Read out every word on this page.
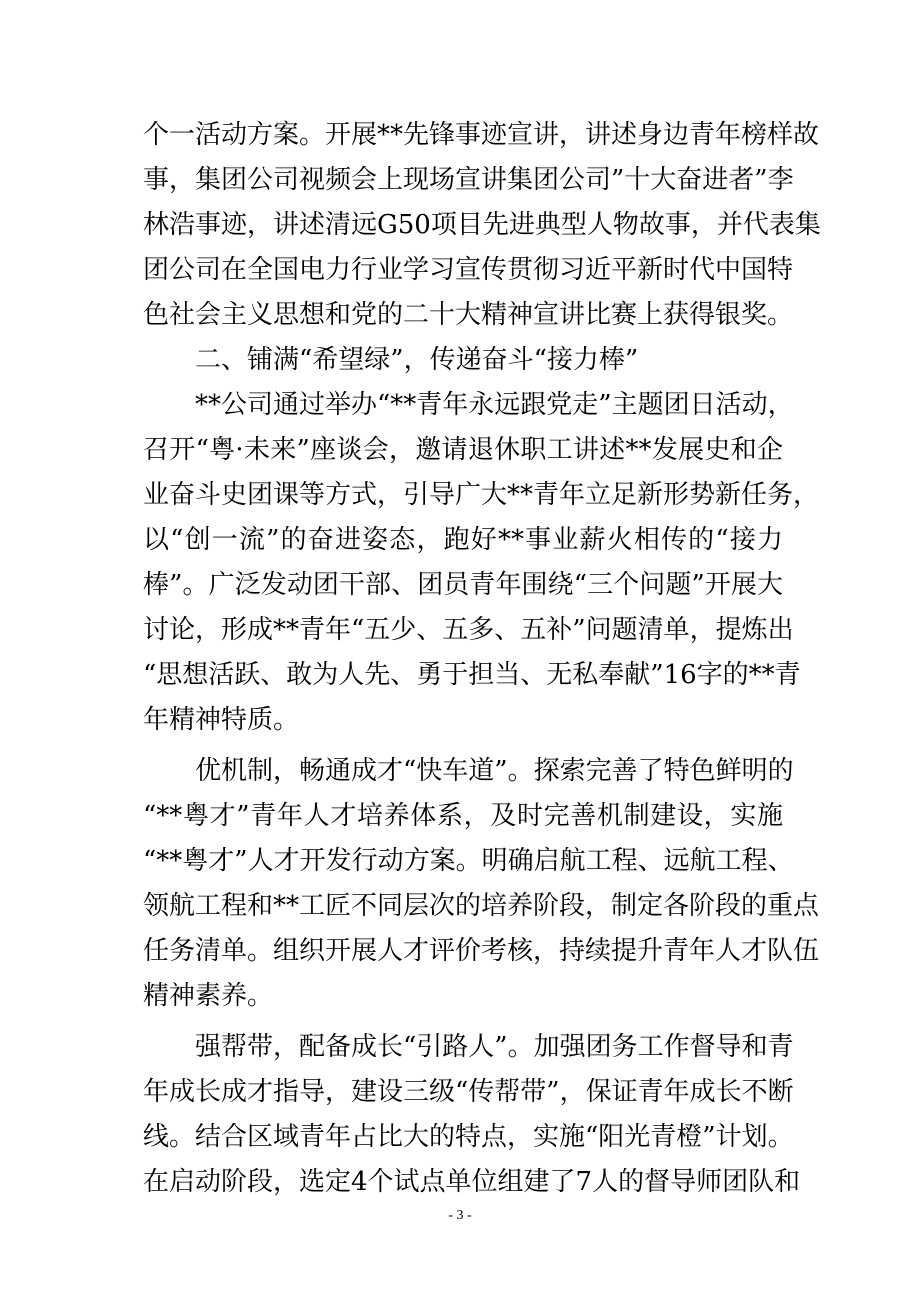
个一活动方案。开展**先锋事迹宣讲，讲述身边青年榜样故
事，集团公司视频会上现场宣讲集团公司”十大奋进者”李
林浩事迹，讲述清远G50项目先进典型人物故事，并代表集
团公司在全国电力行业学习宣传贯彻习近平新时代中国特
色社会主义思想和党的二十大精神宣讲比赛上获得银奖。
二、铺满“希望绿”，传递奋斗“接力棒”
**公司通过举办“**青年永远跟党走”主题团日活动，
召开“粤·未来”座谈会，邀请退休职工讲述**发展史和企
业奋斗史团课等方式，引导广大**青年立足新形势新任务，
以“创一流”的奋进姿态，跑好**事业薪火相传的“接力
棒”。广泛发动团干部、团员青年围绕“三个问题”开展大
讨论，形成**青年“五少、五多、五补”问题清单，提炼出
“思想活跃、敢为人先、勇于担当、无私奉献”16字的**青
年精神特质。
优机制，畅通成才“快车道”。探索完善了特色鲜明的
“**粤才”青年人才培养体系，及时完善机制建设，实施
“**粤才”人才开发行动方案。明确启航工程、远航工程、
领航工程和**工匠不同层次的培养阶段，制定各阶段的重点
任务清单。组织开展人才评价考核，持续提升青年人才队伍
精神素养。
强帮带，配备成长“引路人”。加强团务工作督导和青
年成长成才指导，建设三级“传帮带”，保证青年成长不断
线。结合区域青年占比大的特点，实施“阳光青橙”计划。
在启动阶段，选定4个试点单位组建了7人的督导师团队和
- 3 -
